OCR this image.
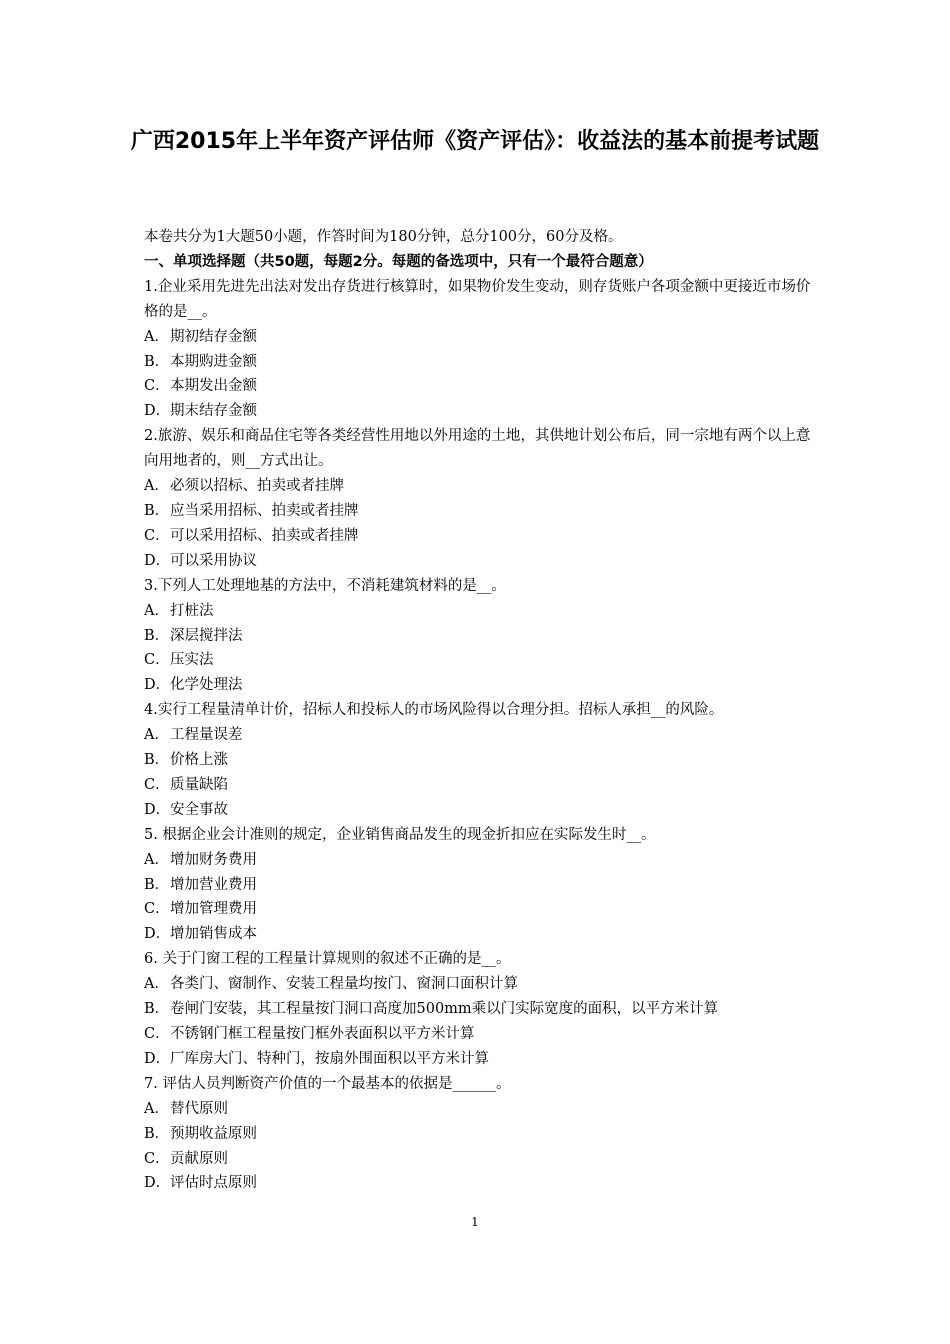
广西2015年上半年资产评估师《资产评估》：收益法的基本前提考试题
本卷共分为1大题50小题，作答时间为180分钟，总分100分，60分及格。
一、单项选择题（共50题，每题2分。每题的备选项中，只有一个最符合题意）
1.企业采用先进先出法对发出存货进行核算时，如果物价发生变动，则存货账户各项金额中更接近市场价格的是__。
A．期初结存金额
B．本期购进金额
C．本期发出金额
D．期末结存金额
2.旅游、娱乐和商品住宅等各类经营性用地以外用途的土地，其供地计划公布后，同一宗地有两个以上意向用地者的，则__方式出让。
A．必须以招标、拍卖或者挂牌
B．应当采用招标、拍卖或者挂牌
C．可以采用招标、拍卖或者挂牌
D．可以采用协议
3.下列人工处理地基的方法中，不消耗建筑材料的是__。
A．打桩法
B．深层搅拌法
C．压实法
D．化学处理法
4.实行工程量清单计价，招标人和投标人的市场风险得以合理分担。招标人承担__的风险。
A．工程量误差
B．价格上涨
C．质量缺陷
D．安全事故
5. 根据企业会计准则的规定，企业销售商品发生的现金折扣应在实际发生时__。
A．增加财务费用
B．增加营业费用
C．增加管理费用
D．增加销售成本
6. 关于门窗工程的工程量计算规则的叙述不正确的是__。
A．各类门、窗制作、安装工程量均按门、窗洞口面积计算
B．卷闸门安装，其工程量按门洞口高度加500mm乘以门实际宽度的面积，以平方米计算
C．不锈钢门框工程量按门框外表面积以平方米计算
D．厂库房大门、特种门，按扇外围面积以平方米计算
7. 评估人员判断资产价值的一个最基本的依据是______。
A．替代原则
B．预期收益原则
C．贡献原则
D．评估时点原则
1
